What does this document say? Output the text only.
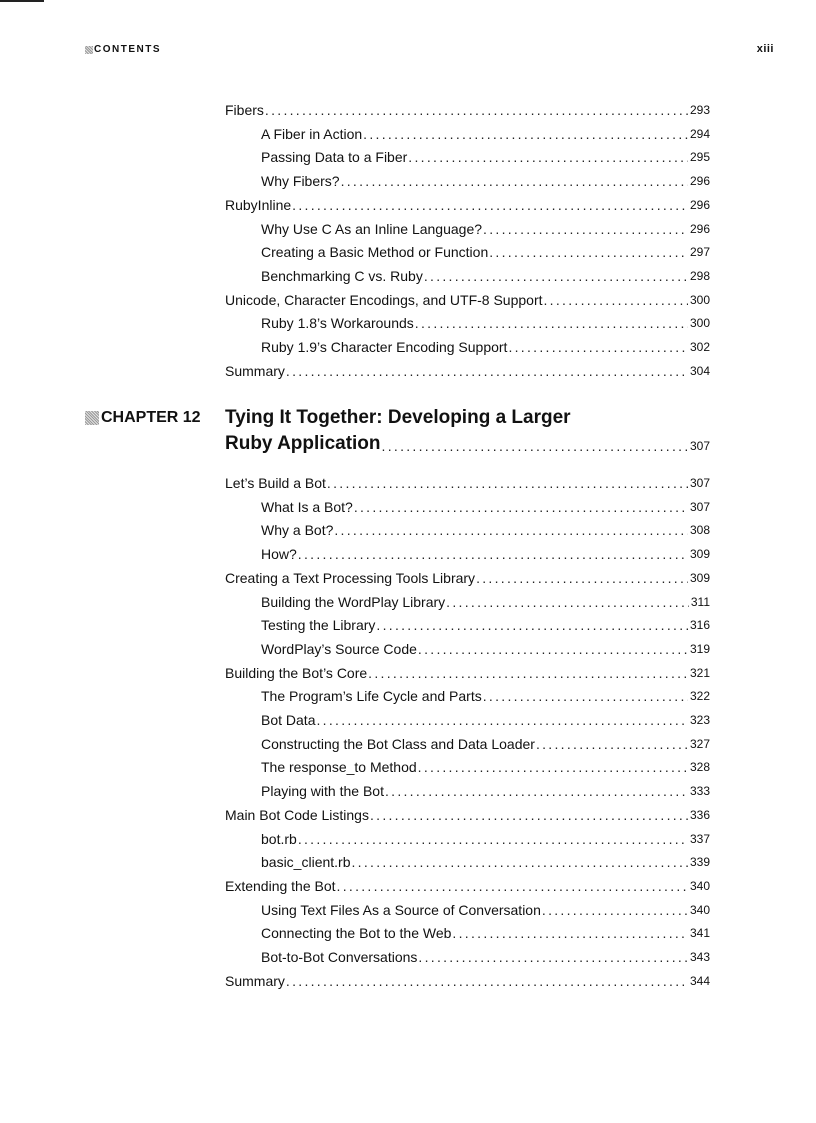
CONTENTS	xiii
Fibers . . .	293
A Fiber in Action . . .	294
Passing Data to a Fiber . . .	295
Why Fibers? . . .	296
RubyInline . . .	296
Why Use C As an Inline Language? . . .	296
Creating a Basic Method or Function . . .	297
Benchmarking C vs. Ruby . . .	298
Unicode, Character Encodings, and UTF-8 Support . . .	300
Ruby 1.8’s Workarounds . . .	300
Ruby 1.9’s Character Encoding Support . . .	302
Summary . . .	304
CHAPTER 12 Tying It Together: Developing a Larger
Ruby Application . . .	307
Let’s Build a Bot . . .	307
What Is a Bot? . . .	307
Why a Bot? . . .	308
How? . . .	309
Creating a Text Processing Tools Library . . .	309
Building the WordPlay Library . . .	311
Testing the Library . . .	316
WordPlay’s Source Code . . .	319
Building the Bot’s Core . . .	321
The Program’s Life Cycle and Parts . . .	322
Bot Data . . .	323
Constructing the Bot Class and Data Loader . . .	327
The response_to Method . . .	328
Playing with the Bot . . .	333
Main Bot Code Listings . . .	336
bot.rb . . .	337
basic_client.rb . . .	339
Extending the Bot . . .	340
Using Text Files As a Source of Conversation . . .	340
Connecting the Bot to the Web . . .	341
Bot-to-Bot Conversations . . .	343
Summary . . .	344
